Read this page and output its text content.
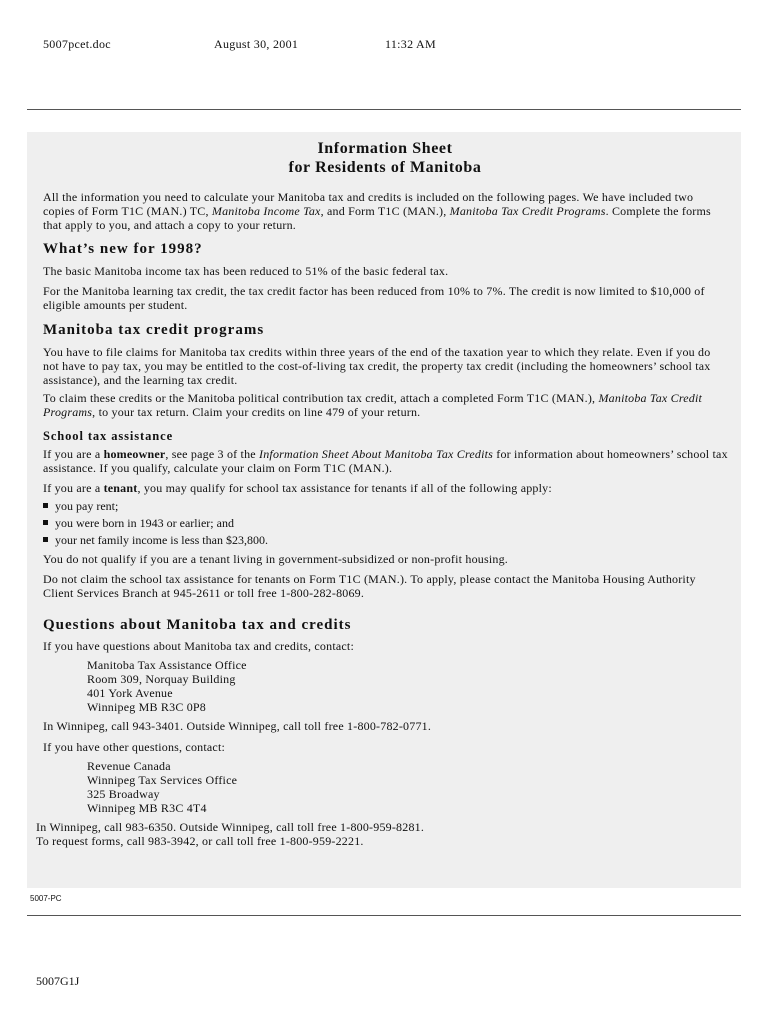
5007pcet.doc	August 30, 2001	11:32 AM
Information Sheet
for Residents of Manitoba
All the information you need to calculate your Manitoba tax and credits is included on the following pages. We have included two copies of Form T1C (MAN.) TC, Manitoba Income Tax, and Form T1C (MAN.), Manitoba Tax Credit Programs. Complete the forms that apply to you, and attach a copy to your return.
What’s new for 1998?
The basic Manitoba income tax has been reduced to 51% of the basic federal tax.
For the Manitoba learning tax credit, the tax credit factor has been reduced from 10% to 7%. The credit is now limited to $10,000 of eligible amounts per student.
Manitoba tax credit programs
You have to file claims for Manitoba tax credits within three years of the end of the taxation year to which they relate. Even if you do not have to pay tax, you may be entitled to the cost-of-living tax credit, the property tax credit (including the homeowners’ school tax assistance), and the learning tax credit.
To claim these credits or the Manitoba political contribution tax credit, attach a completed Form T1C (MAN.), Manitoba Tax Credit Programs, to your tax return. Claim your credits on line 479 of your return.
School tax assistance
If you are a homeowner, see page 3 of the Information Sheet About Manitoba Tax Credits for information about homeowners’ school tax assistance. If you qualify, calculate your claim on Form T1C (MAN.).
If you are a tenant, you may qualify for school tax assistance for tenants if all of the following apply:
you pay rent;
you were born in 1943 or earlier; and
your net family income is less than $23,800.
You do not qualify if you are a tenant living in government-subsidized or non-profit housing.
Do not claim the school tax assistance for tenants on Form T1C (MAN.). To apply, please contact the Manitoba Housing Authority Client Services Branch at 945-2611 or toll free 1-800-282-8069.
Questions about Manitoba tax and credits
If you have questions about Manitoba tax and credits, contact:
Manitoba Tax Assistance Office
Room 309, Norquay Building
401 York Avenue
Winnipeg MB R3C 0P8
In Winnipeg, call 943-3401. Outside Winnipeg, call toll free 1-800-782-0771.
If you have other questions, contact:
Revenue Canada
Winnipeg Tax Services Office
325 Broadway
Winnipeg MB R3C 4T4
In Winnipeg, call 983-6350. Outside Winnipeg, call toll free 1-800-959-8281.
To request forms, call 983-3942, or call toll free 1-800-959-2221.
5007-PC
5007G1J
